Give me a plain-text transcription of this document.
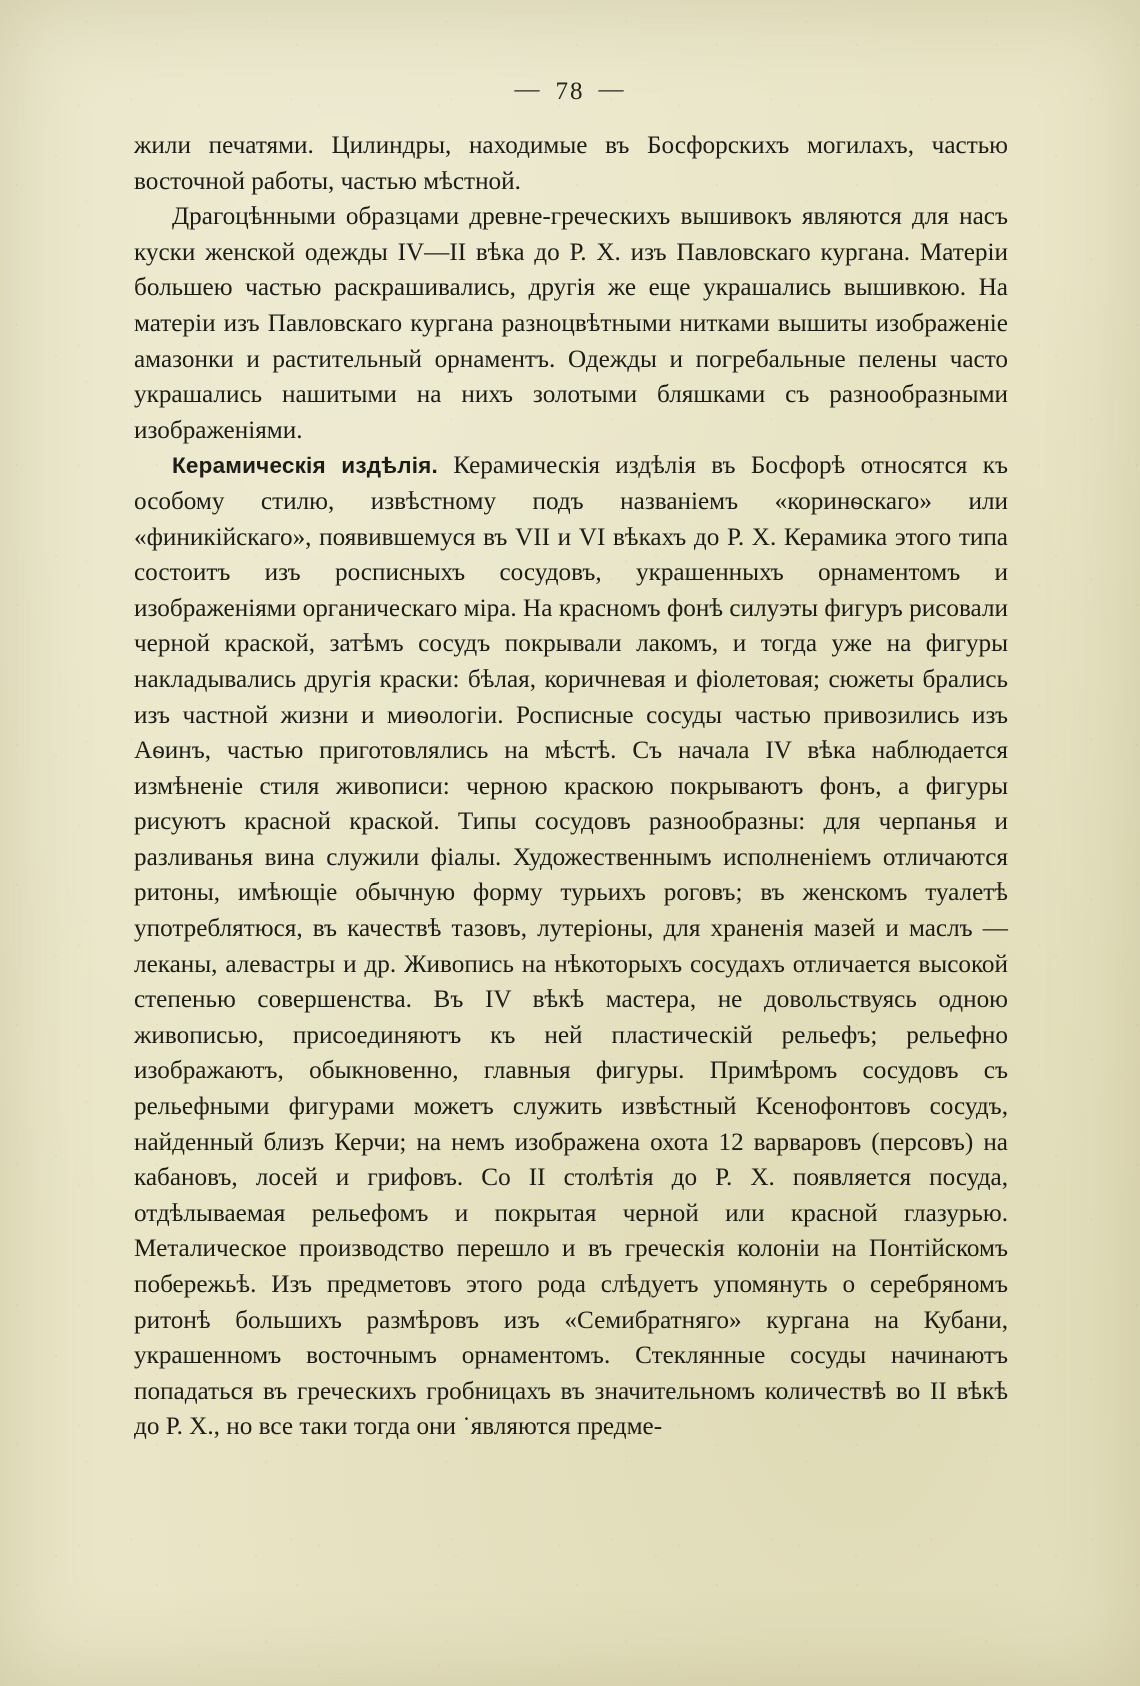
— 78 —

жили печатями. Цилиндры, находимые въ Босфорскихъ могилахъ, частью восточной работы, частью мѣстной.

Драгоцѣнными образцами древне-греческихъ вышивокъ являются для насъ куски женской одежды IV—II вѣка до Р. X. изъ Павловскаго кургана. Матеріи большею частью раскрашивались, другія же еще украшались вышивкою. На матеріи изъ Павловскаго кургана разноцвѣтными нитками вышиты изображеніе амазонки и растительный орнаментъ. Одежды и погребальные пелены часто украшались нашитыми на нихъ золотыми бляшками съ разнообразными изображеніями.

Керамическія издѣлія. Керамическія издѣлія въ Босфорѣ относятся къ особому стилю, извѣстному подъ названіемъ «коринѳскаго» или «финикійскаго», появившемуся въ VII и VI вѣкахъ до Р. X. Керамика этого типа состоитъ изъ росписныхъ сосудовъ, украшенныхъ орнаментомъ и изображеніями органическаго міра. На красномъ фонѣ силуэты фигуръ рисовали черной краской, затѣмъ сосудъ покрывали лакомъ, и тогда уже на фигуры накладывались другія краски: бѣлая, коричневая и фіолетовая; сюжеты брались изъ частной жизни и миѳологіи. Росписные сосуды частью привозились изъ Аѳинъ, частью приготовлялись на мѣстѣ. Съ начала IV вѣка наблюдается измѣненіе стиля живописи: черною краскою покрываютъ фонъ, а фигуры рисуютъ красной краской. Типы сосудовъ разнообразны: для черпанья и разливанья вина служили фіалы. Художественнымъ исполненіемъ отличаются ритоны, имѣющіе обычную форму турьихъ роговъ; въ женскомъ туалетѣ употреблятюся, въ качествѣ тазовъ, лутеріоны, для храненія мазей и маслъ — леканы, алевастры и др. Живопись на нѣкоторыхъ сосудахъ отличается высокой степенью совершенства. Въ IV вѣкѣ мастера, не довольствуясь одною живописью, присоединяютъ къ ней пластическій рельефъ; рельефно изображаютъ, обыкновенно, главныя фигуры. Примѣромъ сосудовъ съ рельефными фигурами можетъ служить извѣстный Ксенофонтовъ сосудъ, найденный близъ Керчи; на немъ изображена охота 12 варваровъ (персовъ) на кабановъ, лосей и грифовъ. Со II столѣтія до Р. X. появляется посуда, отдѣлываемая рельефомъ и покрытая черной или красной глазурью. Металическое производство перешло и въ греческія колоніи на Понтійскомъ побережьѣ. Изъ предметовъ этого рода слѣдуетъ упомянуть о серебряномъ ритонѣ большихъ размѣровъ изъ «Семибратняго» кургана на Кубани, украшенномъ восточнымъ орнаментомъ. Стеклянные сосуды начинаютъ попадаться въ греческихъ гробницахъ въ значительномъ количествѣ во II вѣкѣ до Р. X., но все таки тогда они ˙являются предме-
